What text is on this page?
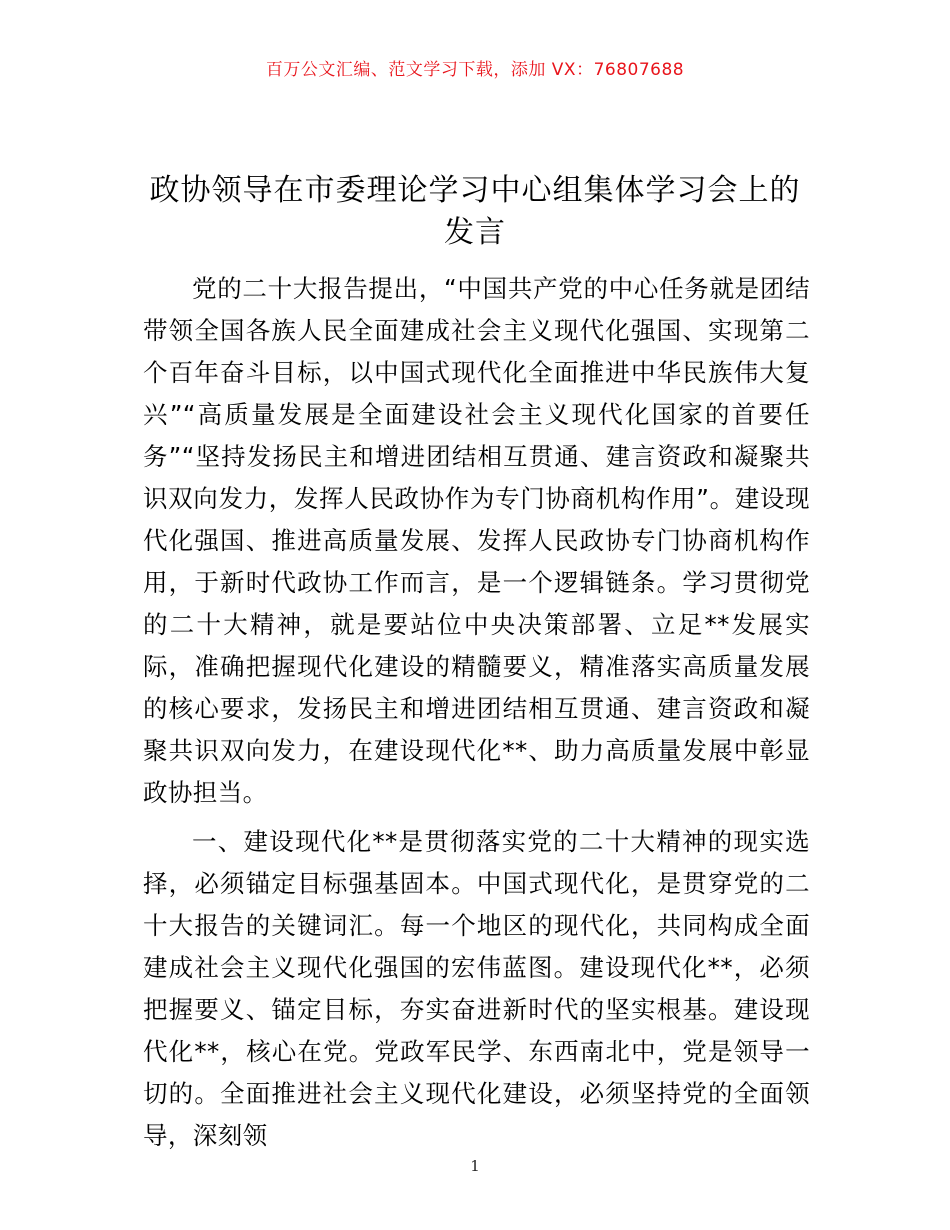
百万公文汇编、范文学习下载，添加 VX：76807688
政协领导在市委理论学习中心组集体学习会上的发言

党的二十大报告提出，“中国共产党的中心任务就是团结带领全国各族人民全面建成社会主义现代化强国、实现第二个百年奋斗目标，以中国式现代化全面推进中华民族伟大复兴”“高质量发展是全面建设社会主义现代化国家的首要任务”“坚持发扬民主和增进团结相互贯通、建言资政和凝聚共识双向发力，发挥人民政协作为专门协商机构作用”。建设现代化强国、推进高质量发展、发挥人民政协专门协商机构作用，于新时代政协工作而言，是一个逻辑链条。学习贯彻党的二十大精神，就是要站位中央决策部署、立足**发展实际，准确把握现代化建设的精髓要义，精准落实高质量发展的核心要求，发扬民主和增进团结相互贯通、建言资政和凝聚共识双向发力，在建设现代化**、助力高质量发展中彰显政协担当。

一、建设现代化**是贯彻落实党的二十大精神的现实选择，必须锚定目标强基固本。中国式现代化，是贯穿党的二十大报告的关键词汇。每一个地区的现代化，共同构成全面建成社会主义现代化强国的宏伟蓝图。建设现代化**，必须把握要义、锚定目标，夯实奋进新时代的坚实根基。建设现代化**，核心在党。党政军民学、东西南北中，党是领导一切的。全面推进社会主义现代化建设，必须坚持党的全面领导，深刻领

1
